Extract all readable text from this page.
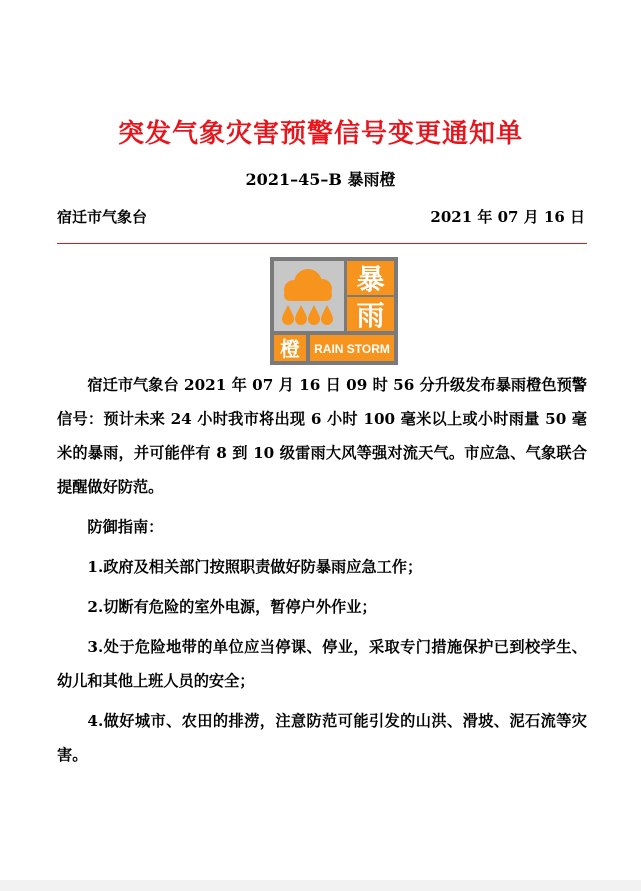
突发气象灾害预警信号变更通知单
2021–45–B 暴雨橙
宿迁市气象台	2021 年 07 月 16 日
暴
雨
橙 RAIN STORM

宿迁市气象台 2021 年 07 月 16 日 09 时 56 分升级发布暴雨橙色预警信号：预计未来 24 小时我市将出现 6 小时 100 毫米以上或小时雨量 50 毫米的暴雨，并可能伴有 8 到 10 级雷雨大风等强对流天气。市应急、气象联合提醒做好防范。

防御指南：

1.政府及相关部门按照职责做好防暴雨应急工作；

2.切断有危险的室外电源，暂停户外作业；

3.处于危险地带的单位应当停课、停业，采取专门措施保护已到校学生、幼儿和其他上班人员的安全；

4.做好城市、农田的排涝，注意防范可能引发的山洪、滑坡、泥石流等灾害。
